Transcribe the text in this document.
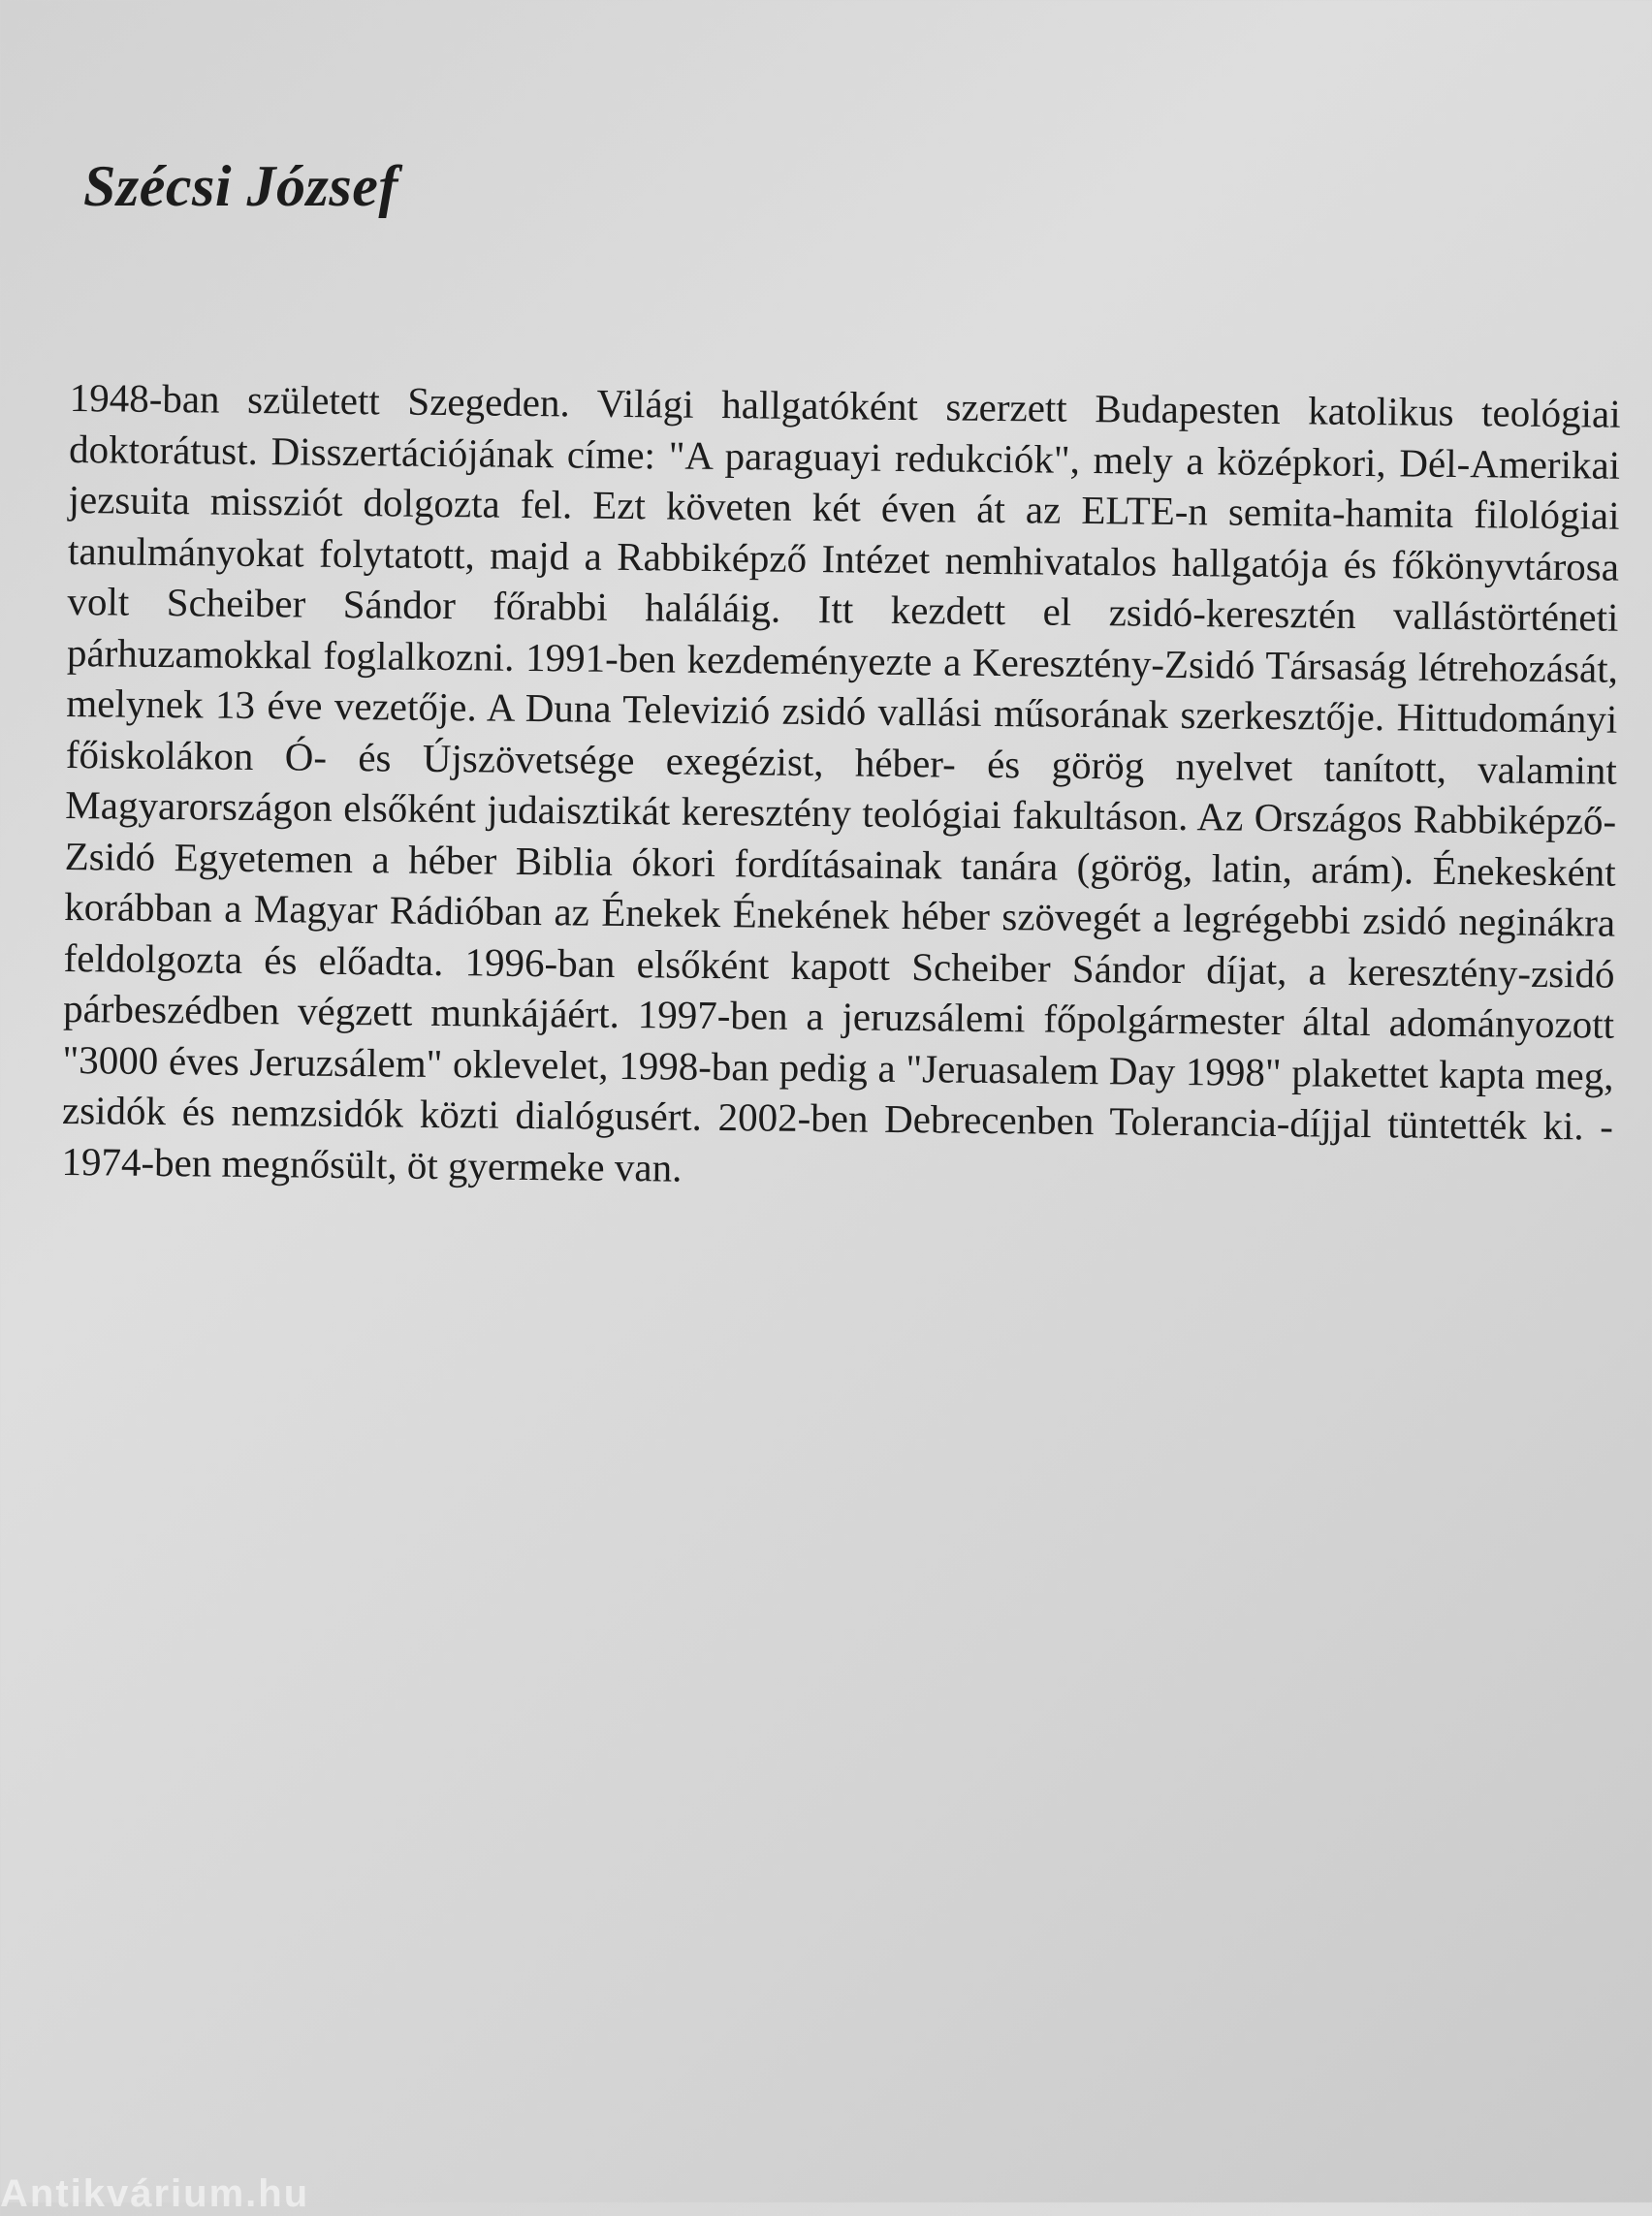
Szécsi József

1948-ban született Szegeden. Világi hallgatóként szerzett Budapesten katolikus teológiai doktorátust. Disszertációjának címe: "A paraguayi redukciók", mely a középkori, Dél-Amerikai jezsuita missziót dolgozta fel. Ezt követen két éven át az ELTE-n semita-hamita filológiai tanulmányokat folytatott, majd a Rabbiképző Intézet nemhivatalos hallgatója és főkönyvtárosa volt Scheiber Sándor főrabbi haláláig. Itt kezdett el zsidó-keresztén vallástörténeti párhuzamokkal foglalkozni. 1991-ben kezdeményezte a Keresztény-Zsidó Társaság létrehozását, melynek 13 éve vezetője. A Duna Televizió zsidó vallási műsorának szerkesztője. Hittudományi főiskolákon Ó- és Újszövetsége exegézist, héber- és görög nyelvet tanított, valamint Magyarországon elsőként judaisztikát keresztény teológiai fakultáson. Az Országos Rabbiképző-Zsidó Egyetemen a héber Biblia ókori fordításainak tanára (görög, latin, arám). Énekesként korábban a Magyar Rádióban az Énekek Énekének héber szövegét a legrégebbi zsidó neginákra feldolgozta és előadta. 1996-ban elsőként kapott Scheiber Sándor díjat, a keresztény-zsidó párbeszédben végzett munkájáért. 1997-ben a jeruzsálemi főpolgármester által adományozott "3000 éves Jeruzsálem" oklevelet, 1998-ban pedig a "Jeruasalem Day 1998" plakettet kapta meg, zsidók és nemzsidók közti dialógusért. 2002-ben Debrecenben Tolerancia-díjjal tüntették ki. - 1974-ben megnősült, öt gyermeke van.

Antikvárium.hu
